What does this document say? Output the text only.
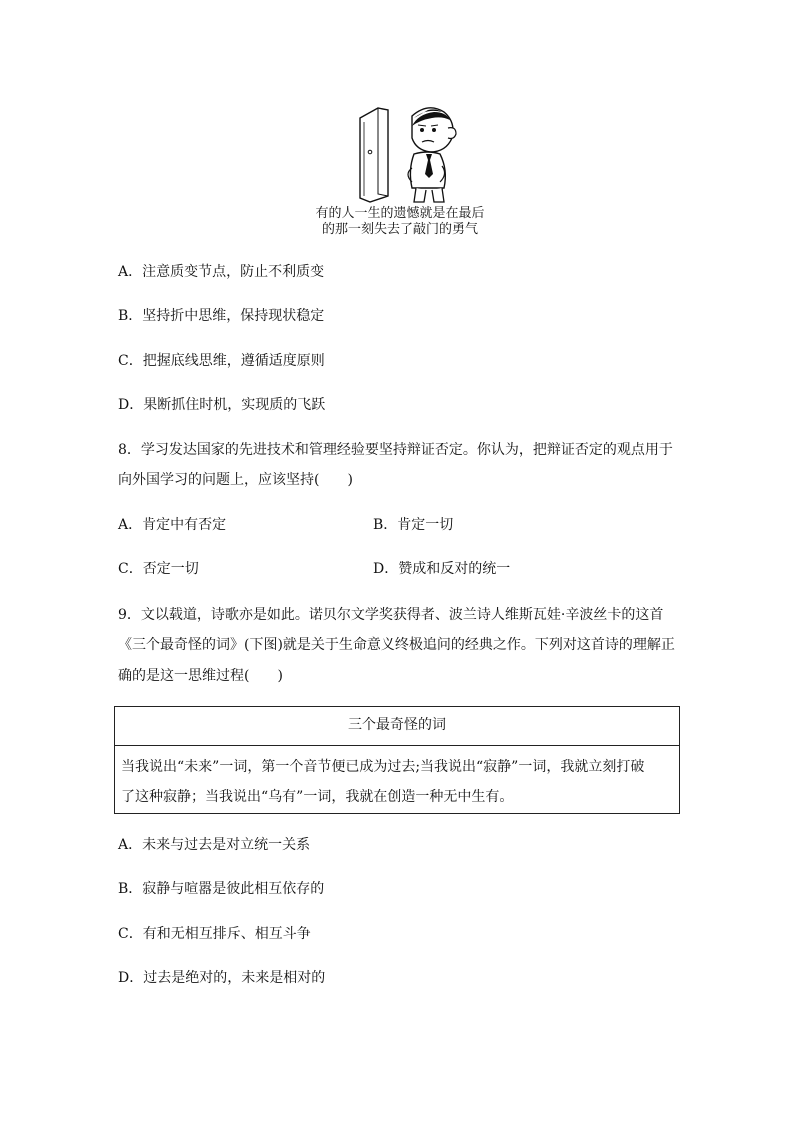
有的人一生的遗憾就是在最后
的那一刻失去了敲门的勇气
A．注意质变节点，防止不利质变
B．坚持折中思维，保持现状稳定
C．把握底线思维，遵循适度原则
D．果断抓住时机，实现质的飞跃
8．学习发达国家的先进技术和管理经验要坚持辩证否定。你认为，把辩证否定的观点用于
向外国学习的问题上，应该坚持(　　)
A．肯定中有否定	B．肯定一切
C．否定一切	D．赞成和反对的统一
9．文以载道，诗歌亦是如此。诺贝尔文学奖获得者、波兰诗人维斯瓦娃·辛波丝卡的这首
《三个最奇怪的词》(下图)就是关于生命意义终极追问的经典之作。下列对这首诗的理解正
确的是这一思维过程(　　)
三个最奇怪的词
当我说出“未来”一词，第一个音节便已成为过去;当我说出“寂静”一词，我就立刻打破
了这种寂静；当我说出“乌有”一词，我就在创造一种无中生有。
A．未来与过去是对立统一关系
B．寂静与喧嚣是彼此相互依存的
C．有和无相互排斥、相互斗争
D．过去是绝对的，未来是相对的
